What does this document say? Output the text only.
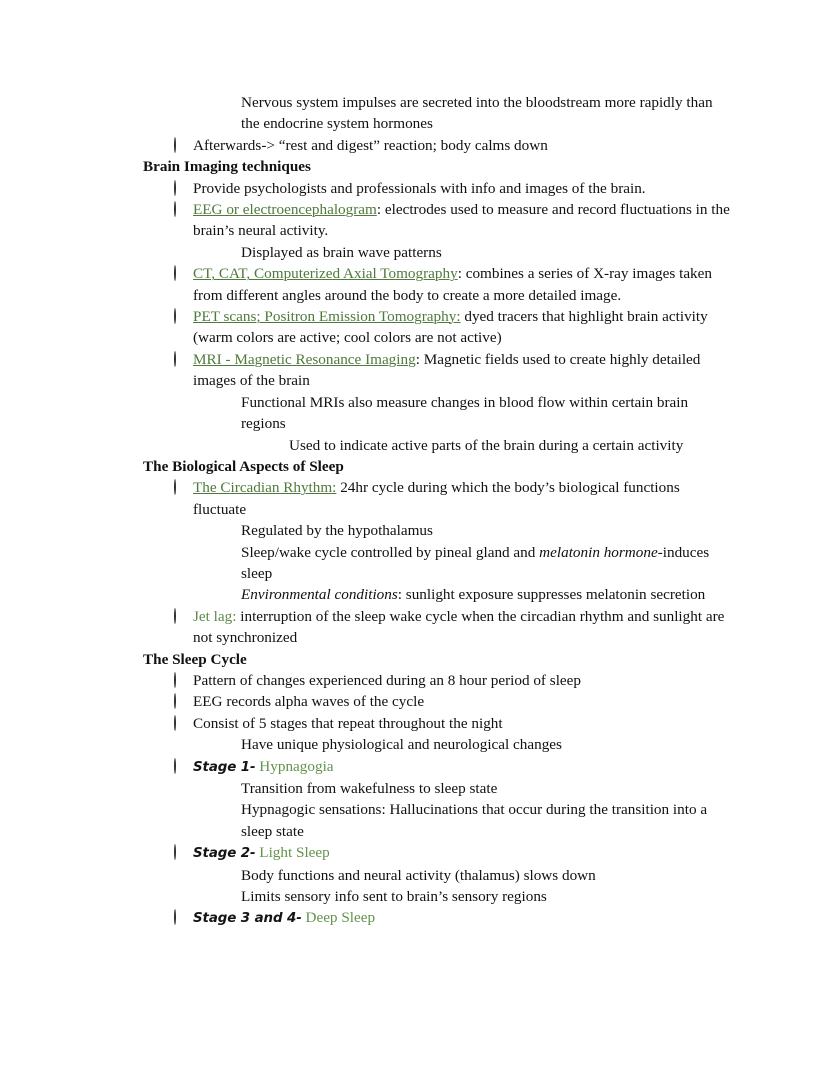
Nervous system impulses are secreted into the bloodstream more rapidly than the endocrine system hormones
Afterwards-> “rest and digest” reaction; body calms down
Brain Imaging techniques
Provide psychologists and professionals with info and images of the brain.
EEG or electroencephalogram: electrodes used to measure and record fluctuations in the brain’s neural activity.
Displayed as brain wave patterns
CT, CAT, Computerized Axial Tomography: combines a series of X-ray images taken from different angles around the body to create a more detailed image.
PET scans; Positron Emission Tomography: dyed tracers that highlight brain activity (warm colors are active; cool colors are not active)
MRI - Magnetic Resonance Imaging: Magnetic fields used to create highly detailed images of the brain
Functional MRIs also measure changes in blood flow within certain brain regions
Used to indicate active parts of the brain during a certain activity
The Biological Aspects of Sleep
The Circadian Rhythm: 24hr cycle during which the body’s biological functions fluctuate
Regulated by the hypothalamus
Sleep/wake cycle controlled by pineal gland and melatonin hormone-induces sleep
Environmental conditions: sunlight exposure suppresses melatonin secretion
Jet lag: interruption of the sleep wake cycle when the circadian rhythm and sunlight are not synchronized
The Sleep Cycle
Pattern of changes experienced during an 8 hour period of sleep
EEG records alpha waves of the cycle
Consist of 5 stages that repeat throughout the night
Have unique physiological and neurological changes
Stage 1- Hypnagogia
Transition from wakefulness to sleep state
Hypnagogic sensations: Hallucinations that occur during the transition into a sleep state
Stage 2- Light Sleep
Body functions and neural activity (thalamus) slows down
Limits sensory info sent to brain’s sensory regions
Stage 3 and 4- Deep Sleep
